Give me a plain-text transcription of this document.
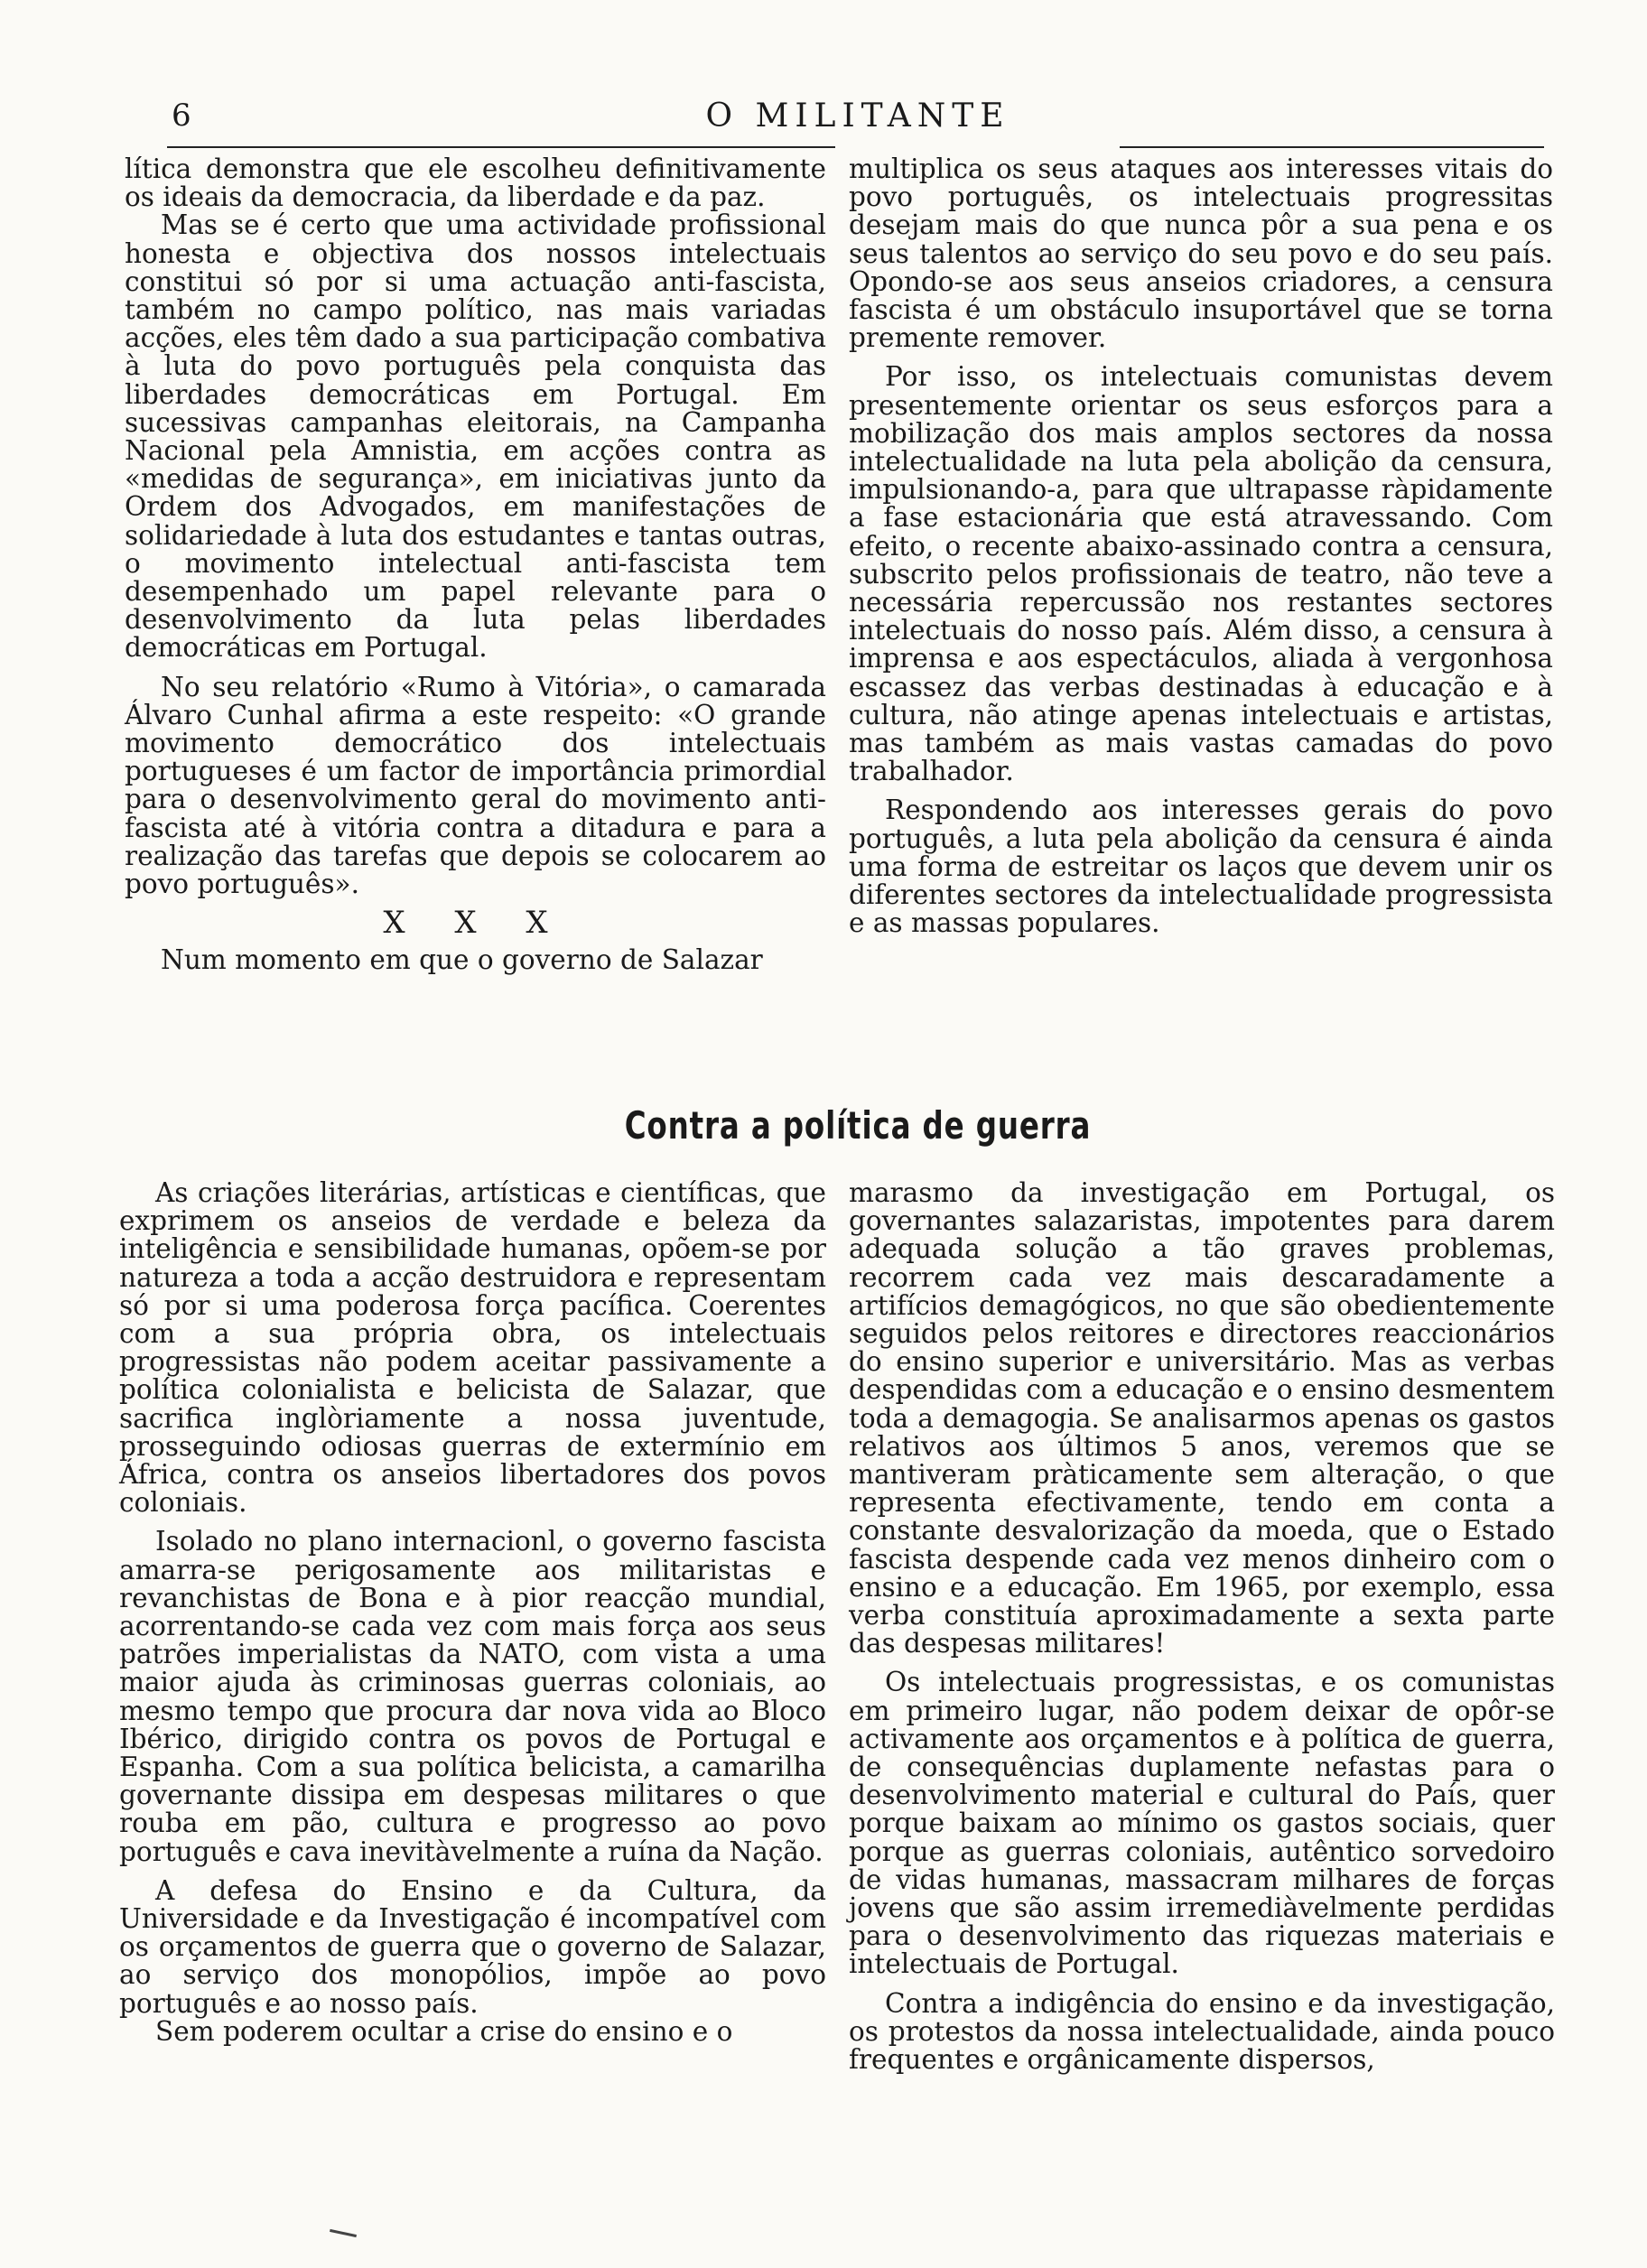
6	O MILITANTE

lítica demonstra que ele escolheu definitivamente os ideais da democracia, da liberdade e da paz.

Mas se é certo que uma actividade profissional honesta e objectiva dos nossos intelectuais constitui só por si uma actuação anti-fascista, também no campo político, nas mais variadas acções, eles têm dado a sua participação combativa à luta do povo português pela conquista das liberdades democráticas em Portugal. Em sucessivas campanhas eleitorais, na Campanha Nacional pela Amnistia, em acções contra as «medidas de segurança», em iniciativas junto da Ordem dos Advogados, em manifestações de solidariedade à luta dos estudantes e tantas outras, o movimento intelectual anti-fascista tem desempenhado um papel relevante para o desenvolvimento da luta pelas liberdades democráticas em Portugal.

No seu relatório «Rumo à Vitória», o camarada Álvaro Cunhal afirma a este respeito: «O grande movimento democrático dos intelectuais portugueses é um factor de importância primordial para o desenvolvimento geral do movimento anti-fascista até à vitória contra a ditadura e para a realização das tarefas que depois se colocarem ao povo português».

X X X

Num momento em que o governo de Salazar

multiplica os seus ataques aos interesses vitais do povo português, os intelectuais progressitas desejam mais do que nunca pôr a sua pena e os seus talentos ao serviço do seu povo e do seu país. Opondo-se aos seus anseios criadores, a censura fascista é um obstáculo insuportável que se torna premente remover.

Por isso, os intelectuais comunistas devem presentemente orientar os seus esforços para a mobilização dos mais amplos sectores da nossa intelectualidade na luta pela abolição da censura, impulsionando-a, para que ultrapasse ràpidamente a fase estacionária que está atravessando. Com efeito, o recente abaixo-assinado contra a censura, subscrito pelos profissionais de teatro, não teve a necessária repercussão nos restantes sectores intelectuais do nosso país. Além disso, a censura à imprensa e aos espectáculos, aliada à vergonhosa escassez das verbas destinadas à educação e à cultura, não atinge apenas intelectuais e artistas, mas também as mais vastas camadas do povo trabalhador.

Respondendo aos interesses gerais do povo português, a luta pela abolição da censura é ainda uma forma de estreitar os laços que devem unir os diferentes sectores da intelectualidade progressista e as massas populares.

Contra a política de guerra

As criações literárias, artísticas e científicas, que exprimem os anseios de verdade e beleza da inteligência e sensibilidade humanas, opõem-se por natureza a toda a acção destruidora e representam só por si uma poderosa força pacífica. Coerentes com a sua própria obra, os intelectuais progressistas não podem aceitar passivamente a política colonialista e belicista de Salazar, que sacrifica inglòriamente a nossa juventude, prosseguindo odiosas guerras de extermínio em África, contra os anseios libertadores dos povos coloniais.

Isolado no plano internacionl, o governo fascista amarra-se perigosamente aos militaristas e revanchistas de Bona e à pior reacção mundial, acorrentando-se cada vez com mais força aos seus patrões imperialistas da NATO, com vista a uma maior ajuda às criminosas guerras coloniais, ao mesmo tempo que procura dar nova vida ao Bloco Ibérico, dirigido contra os povos de Portugal e Espanha. Com a sua política belicista, a camarilha governante dissipa em despesas militares o que rouba em pão, cultura e progresso ao povo português e cava inevitàvelmente a ruína da Nação.

A defesa do Ensino e da Cultura, da Universidade e da Investigação é incompatível com os orçamentos de guerra que o governo de Salazar, ao serviço dos monopólios, impõe ao povo português e ao nosso país.

Sem poderem ocultar a crise do ensino e o

marasmo da investigação em Portugal, os governantes salazaristas, impotentes para darem adequada solução a tão graves problemas, recorrem cada vez mais descaradamente a artifícios demagógicos, no que são obedientemente seguidos pelos reitores e directores reaccionários do ensino superior e universitário. Mas as verbas despendidas com a educação e o ensino desmentem toda a demagogia. Se analisarmos apenas os gastos relativos aos últimos 5 anos, veremos que se mantiveram pràticamente sem alteração, o que representa efectivamente, tendo em conta a constante desvalorização da moeda, que o Estado fascista despende cada vez menos dinheiro com o ensino e a educação. Em 1965, por exemplo, essa verba constituía aproximadamente a sexta parte das despesas militares!

Os intelectuais progressistas, e os comunistas em primeiro lugar, não podem deixar de opôr-se activamente aos orçamentos e à política de guerra, de consequências duplamente nefastas para o desenvolvimento material e cultural do País, quer porque baixam ao mínimo os gastos sociais, quer porque as guerras coloniais, autêntico sorvedoiro de vidas humanas, massacram milhares de forças jovens que são assim irremediàvelmente perdidas para o desenvolvimento das riquezas materiais e intelectuais de Portugal.

Contra a indigência do ensino e da investigação, os protestos da nossa intelectualidade, ainda pouco frequentes e orgânicamente dispersos,
